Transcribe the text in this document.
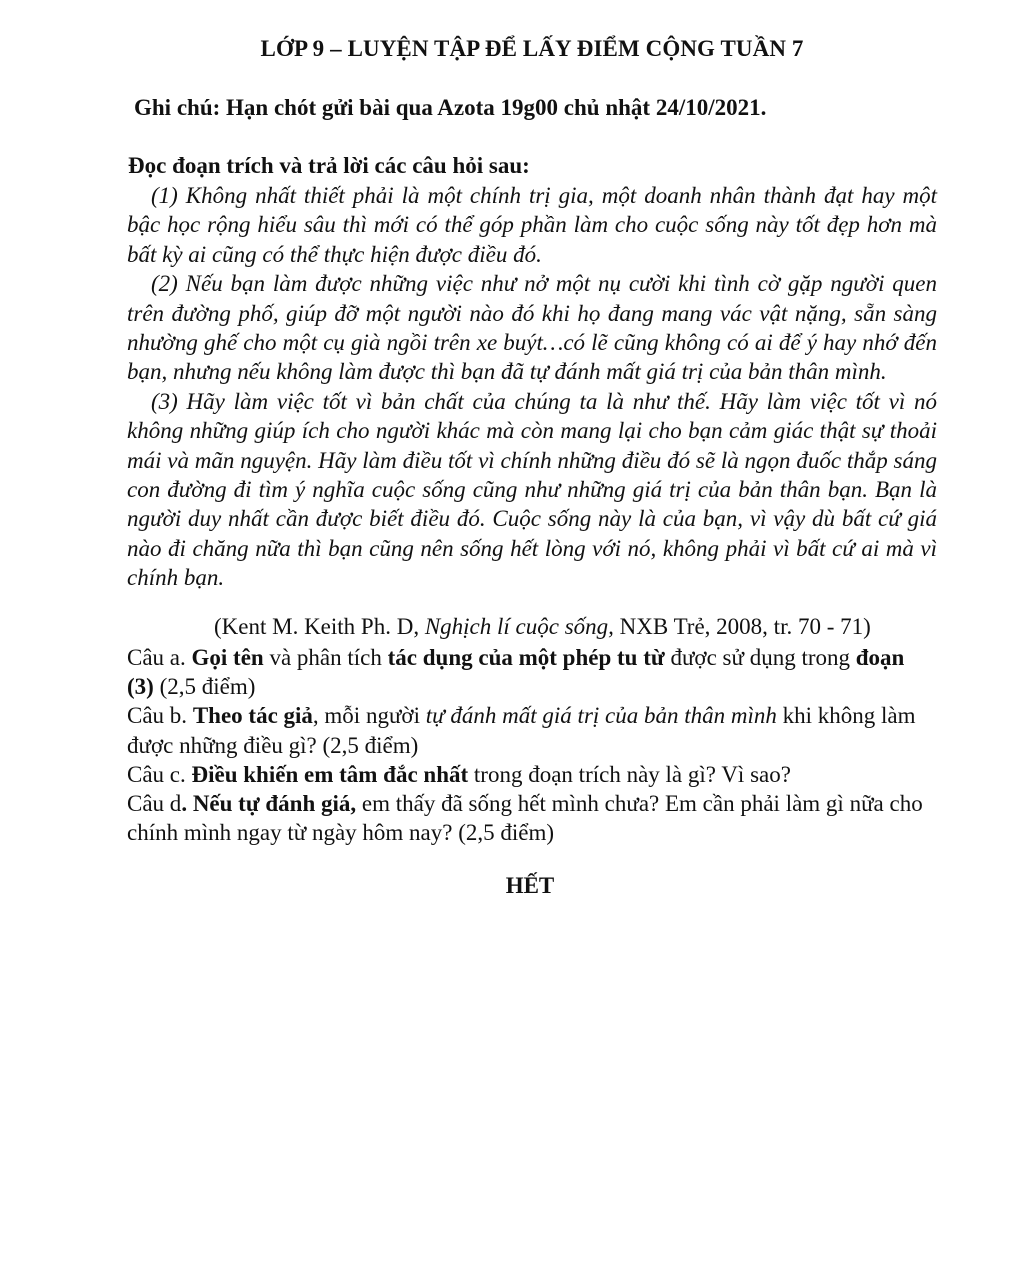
LỚP 9 – LUYỆN TẬP ĐỂ LẤY ĐIỂM CỘNG TUẦN 7
Ghi chú: Hạn chót gửi bài qua Azota 19g00 chủ nhật 24/10/2021.
Đọc đoạn trích và trả lời các câu hỏi sau:

(1) Không nhất thiết phải là một chính trị gia, một doanh nhân thành đạt hay một bậc học rộng hiểu sâu thì mới có thể góp phần làm cho cuộc sống này tốt đẹp hơn mà bất kỳ ai cũng có thể thực hiện được điều đó.

(2) Nếu bạn làm được những việc như nở một nụ cười khi tình cờ gặp người quen trên đường phố, giúp đỡ một người nào đó khi họ đang mang vác vật nặng, sẵn sàng nhường ghế cho một cụ già ngồi trên xe buýt…có lẽ cũng không có ai để ý hay nhớ đến bạn, nhưng nếu không làm được thì bạn đã tự đánh mất giá trị của bản thân mình.

(3) Hãy làm việc tốt vì bản chất của chúng ta là như thế. Hãy làm việc tốt vì nó không những giúp ích cho người khác mà còn mang lại cho bạn cảm giác thật sự thoải mái và mãn nguyện. Hãy làm điều tốt vì chính những điều đó sẽ là ngọn đuốc thắp sáng con đường đi tìm ý nghĩa cuộc sống cũng như những giá trị của bản thân bạn. Bạn là người duy nhất cần được biết điều đó. Cuộc sống này là của bạn, vì vậy dù bất cứ giá nào đi chăng nữa thì bạn cũng nên sống hết lòng với nó, không phải vì bất cứ ai mà vì chính bạn.

(Kent M. Keith Ph. D, Nghịch lí cuộc sống, NXB Trẻ, 2008, tr. 70 - 71)

Câu a. Gọi tên và phân tích tác dụng của một phép tu từ được sử dụng trong đoạn (3) (2,5 điểm)

Câu b. Theo tác giả, mỗi người tự đánh mất giá trị của bản thân mình khi không làm được những điều gì? (2,5 điểm)

Câu c. Điều khiến em tâm đắc nhất trong đoạn trích này là gì? Vì sao?

Câu d. Nếu tự đánh giá, em thấy đã sống hết mình chưa? Em cần phải làm gì nữa cho chính mình ngay từ ngày hôm nay? (2,5 điểm)

HẾT
